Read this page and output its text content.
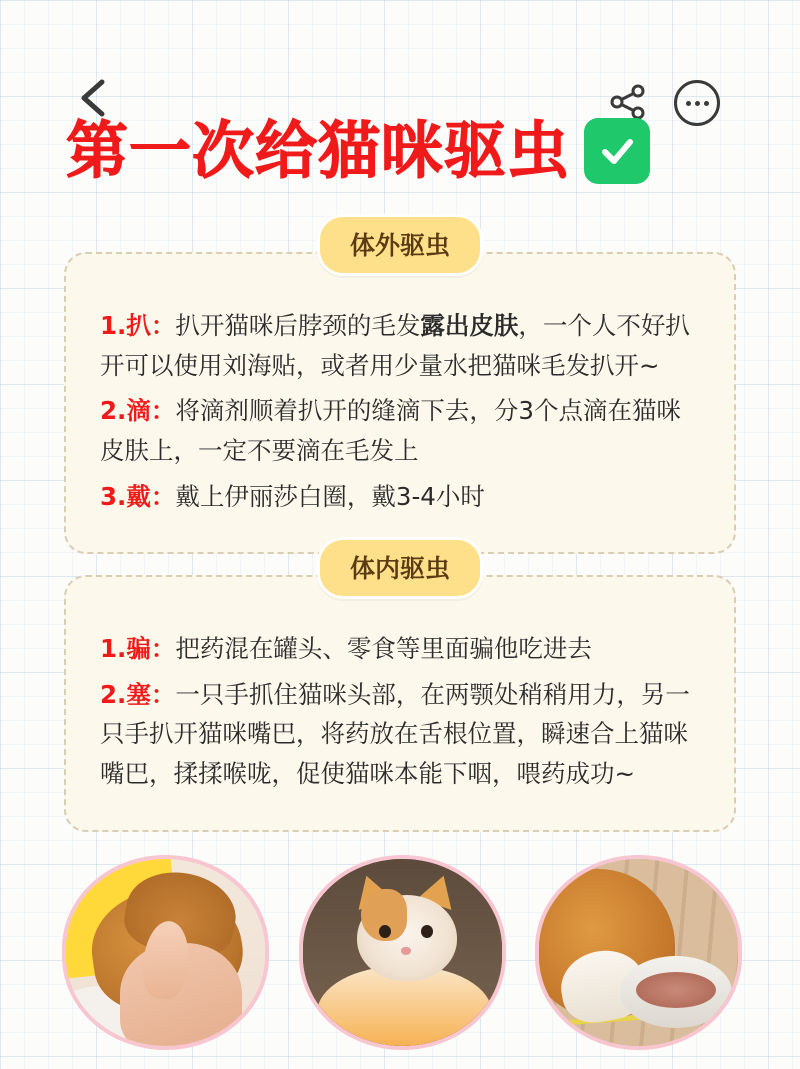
第一次给猫咪驱虫
体外驱虫

1.扒：扒开猫咪后脖颈的毛发露出皮肤，一个人不好扒开可以使用刘海贴，或者用少量水把猫咪毛发扒开~

2.滴：将滴剂顺着扒开的缝滴下去，分3个点滴在猫咪皮肤上，一定不要滴在毛发上

3.戴：戴上伊丽莎白圈，戴3-4小时

体内驱虫

1.骗：把药混在罐头、零食等里面骗他吃进去

2.塞：一只手抓住猫咪头部，在两颚处稍稍用力，另一只手扒开猫咪嘴巴，将药放在舌根位置，瞬速合上猫咪嘴巴，揉揉喉咙，促使猫咪本能下咽，喂药成功~
